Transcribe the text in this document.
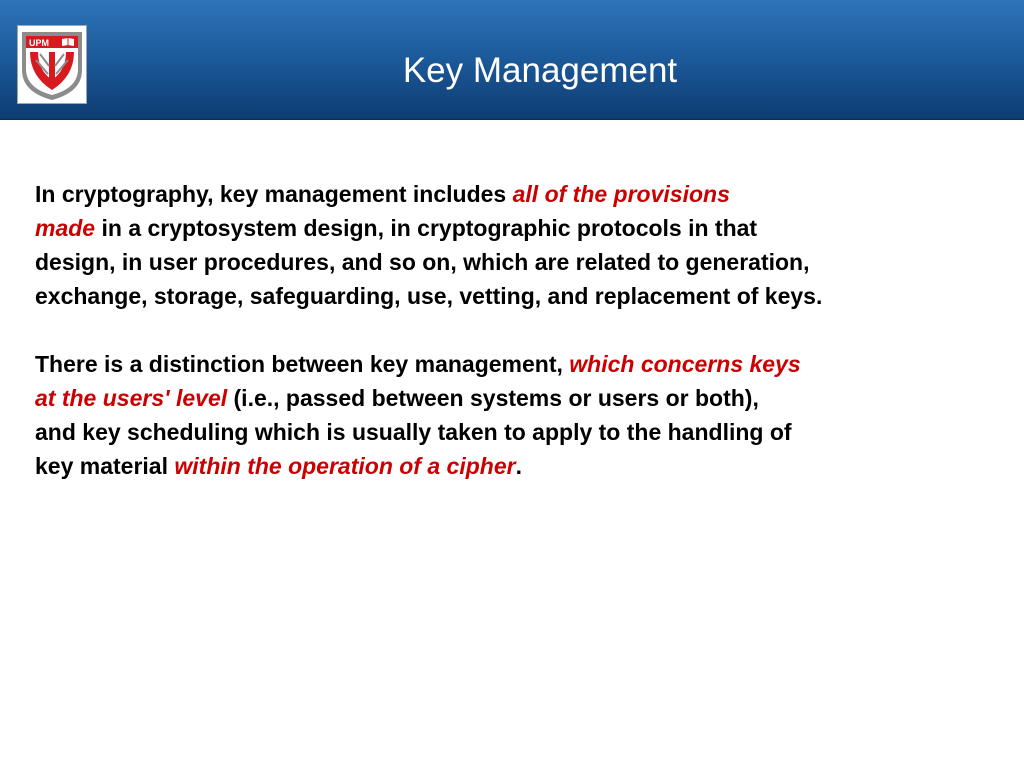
UPM
Key Management

In cryptography, key management includes all of the provisions
made in a cryptosystem design, in cryptographic protocols in that
design, in user procedures, and so on, which are related to generation,
exchange, storage, safeguarding, use, vetting, and replacement of keys.

There is a distinction between key management, which concerns keys
at the users' level (i.e., passed between systems or users or both),
and key scheduling which is usually taken to apply to the handling of
key material within the operation of a cipher.
